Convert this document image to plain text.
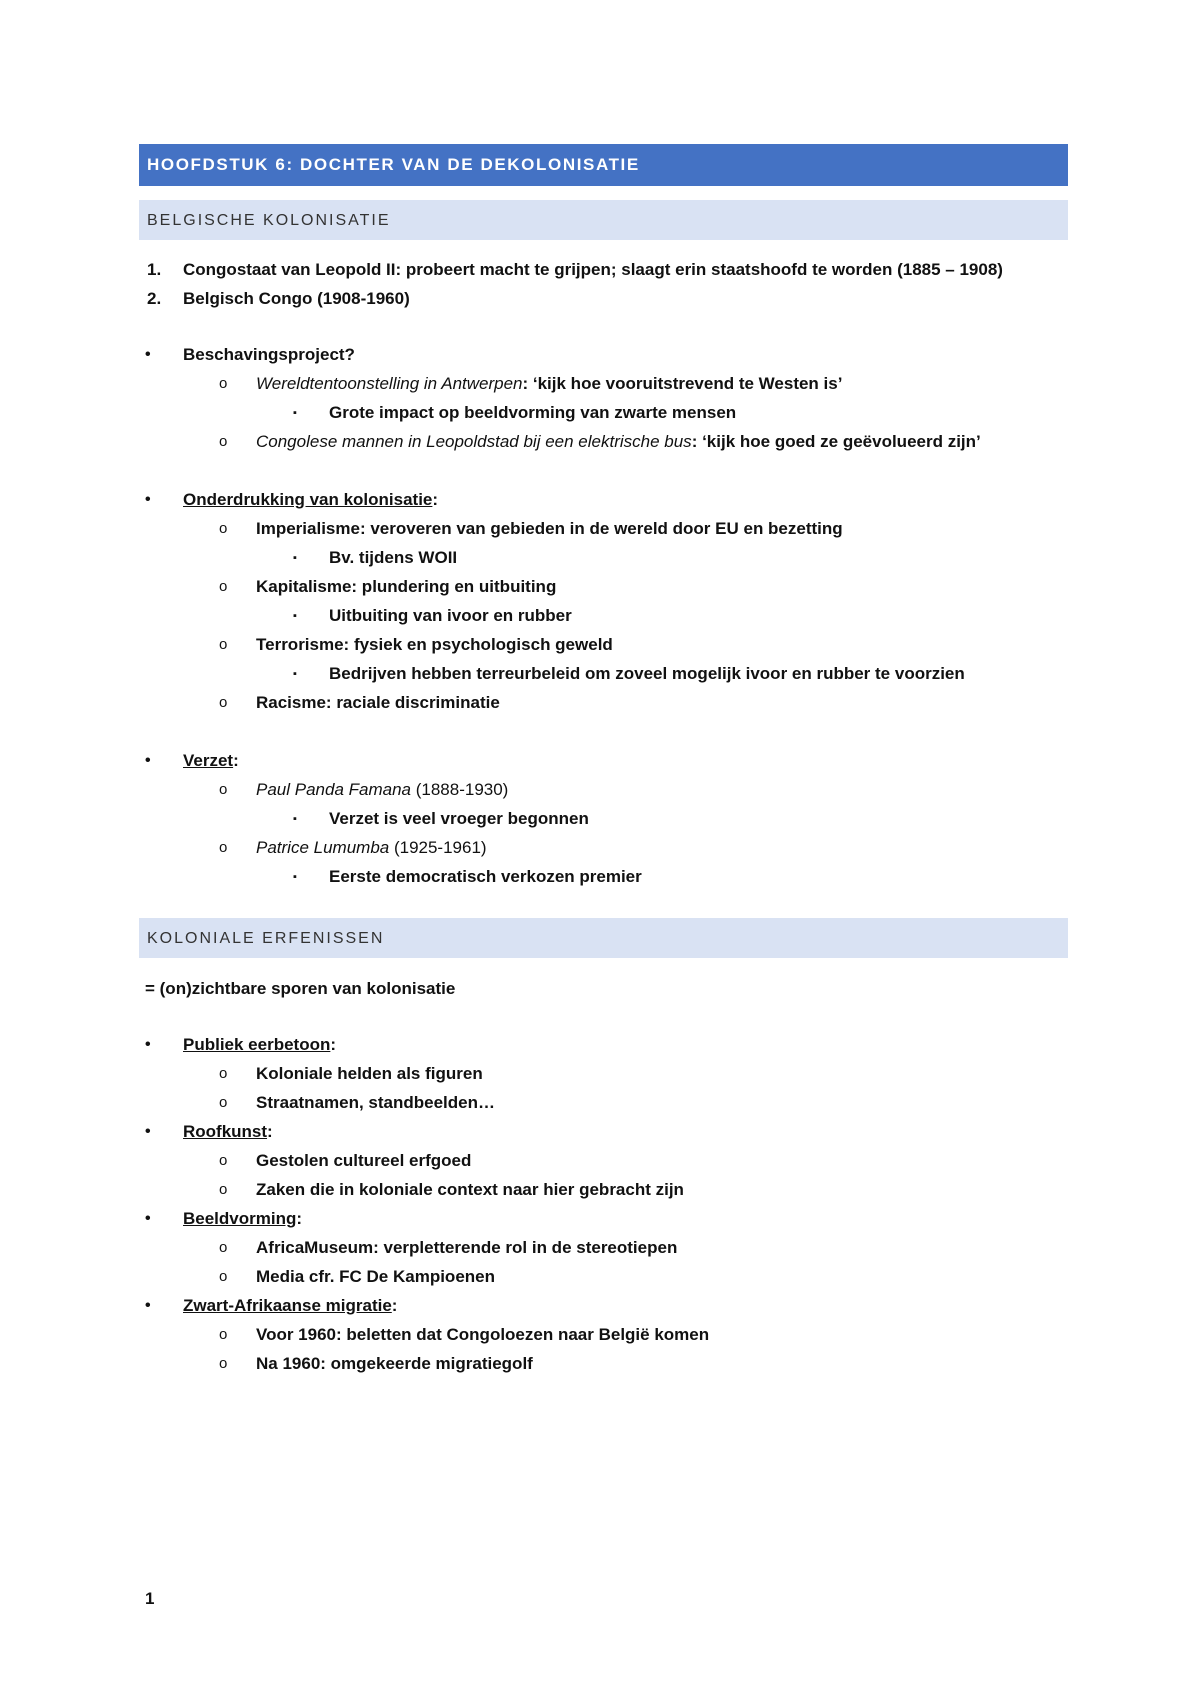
HOOFDSTUK 6: DOCHTER VAN DE DEKOLONISATIE
BELGISCHE KOLONISATIE
1. Congostaat van Leopold II: probeert macht te grijpen; slaagt erin staatshoofd te worden (1885 – 1908)
2. Belgisch Congo (1908-1960)
• Beschavingsproject?
o Wereldtentoonstelling in Antwerpen: ‘kijk hoe vooruitstrevend te Westen is’
▪ Grote impact op beeldvorming van zwarte mensen
o Congolese mannen in Leopoldstad bij een elektrische bus: ‘kijk hoe goed ze geëvolueerd zijn’
• Onderdrukking van kolonisatie:
o Imperialisme: veroveren van gebieden in de wereld door EU en bezetting
▪ Bv. tijdens WOII
o Kapitalisme: plundering en uitbuiting
▪ Uitbuiting van ivoor en rubber
o Terrorisme: fysiek en psychologisch geweld
▪ Bedrijven hebben terreurbeleid om zoveel mogelijk ivoor en rubber te voorzien
o Racisme: raciale discriminatie
• Verzet:
o Paul Panda Famana (1888-1930)
▪ Verzet is veel vroeger begonnen
o Patrice Lumumba (1925-1961)
▪ Eerste democratisch verkozen premier
KOLONIALE ERFENISSEN
= (on)zichtbare sporen van kolonisatie
• Publiek eerbetoon:
o Koloniale helden als figuren
o Straatnamen, standbeelden…
• Roofkunst:
o Gestolen cultureel erfgoed
o Zaken die in koloniale context naar hier gebracht zijn
• Beeldvorming:
o AfricaMuseum: verpletterende rol in de stereotiepen
o Media cfr. FC De Kampioenen
• Zwart-Afrikaanse migratie:
o Voor 1960: beletten dat Congoloezen naar België komen
o Na 1960: omgekeerde migratiegolf
1
